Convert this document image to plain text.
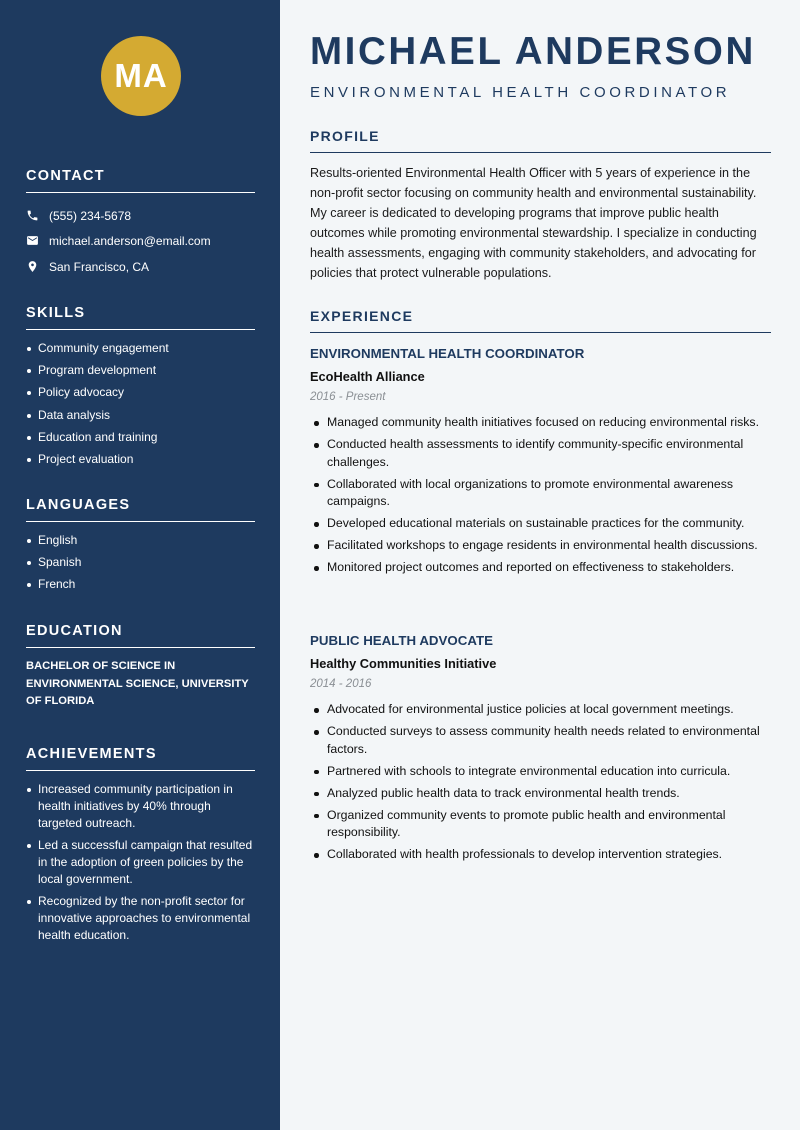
MA
CONTACT
(555) 234-5678
michael.anderson@email.com
San Francisco, CA
SKILLS
Community engagement
Program development
Policy advocacy
Data analysis
Education and training
Project evaluation
LANGUAGES
English
Spanish
French
EDUCATION
BACHELOR OF SCIENCE IN ENVIRONMENTAL SCIENCE, UNIVERSITY OF FLORIDA
ACHIEVEMENTS
Increased community participation in health initiatives by 40% through targeted outreach.
Led a successful campaign that resulted in the adoption of green policies by the local government.
Recognized by the non-profit sector for innovative approaches to environmental health education.
MICHAEL ANDERSON
ENVIRONMENTAL HEALTH COORDINATOR
PROFILE

Results-oriented Environmental Health Officer with 5 years of experience in the non-profit sector focusing on community health and environmental sustainability. My career is dedicated to developing programs that improve public health outcomes while promoting environmental stewardship. I specialize in conducting health assessments, engaging with community stakeholders, and advocating for policies that protect vulnerable populations.

EXPERIENCE
ENVIRONMENTAL HEALTH COORDINATOR
EcoHealth Alliance
2016 - Present
Managed community health initiatives focused on reducing environmental risks.
Conducted health assessments to identify community-specific environmental challenges.
Collaborated with local organizations to promote environmental awareness campaigns.
Developed educational materials on sustainable practices for the community.
Facilitated workshops to engage residents in environmental health discussions.
Monitored project outcomes and reported on effectiveness to stakeholders.
PUBLIC HEALTH ADVOCATE
Healthy Communities Initiative
2014 - 2016
Advocated for environmental justice policies at local government meetings.
Conducted surveys to assess community health needs related to environmental factors.
Partnered with schools to integrate environmental education into curricula.
Analyzed public health data to track environmental health trends.
Organized community events to promote public health and environmental responsibility.
Collaborated with health professionals to develop intervention strategies.
